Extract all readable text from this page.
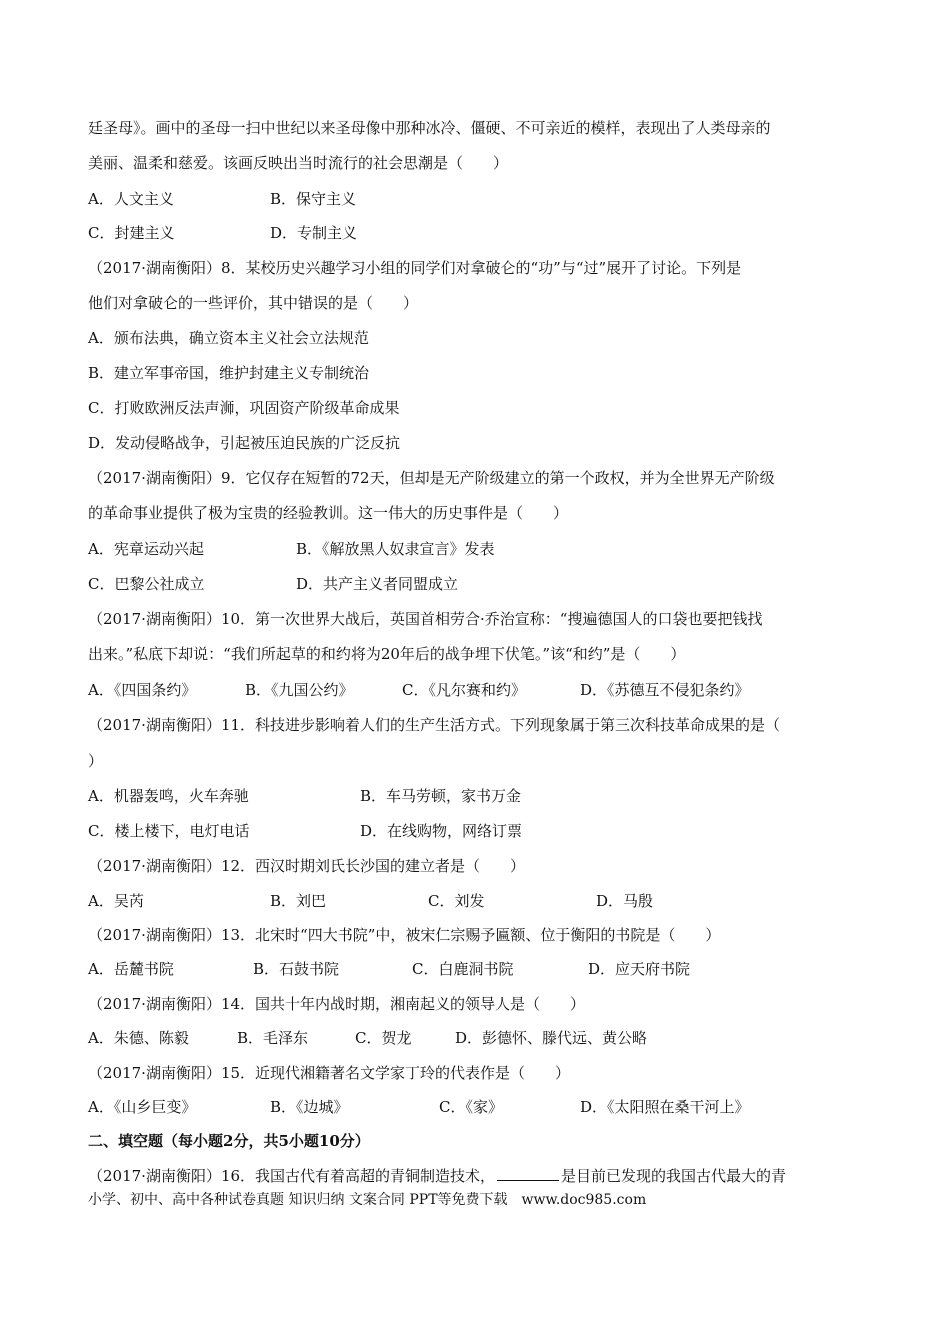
廷圣母》。画中的圣母一扫中世纪以来圣母像中那种冰冷、僵硬、不可亲近的模样，表现出了人类母亲的
美丽、温柔和慈爱。该画反映出当时流行的社会思潮是（　　）
A．人文主义	B．保守主义
C．封建主义	D．专制主义
（2017·湖南衡阳）8．某校历史兴趣学习小组的同学们对拿破仑的“功”与“过”展开了讨论。下列是
他们对拿破仑的一些评价，其中错误的是（　　）
A．颁布法典，确立资本主义社会立法规范
B．建立军事帝国，维护封建主义专制统治
C．打败欧洲反法声浉，巩固资产阶级革命成果
D．发动侵略战争，引起被压迫民族的广泛反抗
（2017·湖南衡阳）9．它仅存在短暂的72天，但却是无产阶级建立的第一个政权，并为全世界无产阶级
的革命事业提供了极为宝贵的经验教训。这一伟大的历史事件是（　　）
A．宪章运动兴起	B．《解放黑人奴隶宣言》发表
C．巴黎公社成立	D．共产主义者同盟成立
（2017·湖南衡阳）10．第一次世界大战后，英国首相劳合·乔治宣称：“搜遍德国人的口袋也要把钱找
出来。”私底下却说：“我们所起草的和约将为20年后的战争埋下伏笔。”该“和约”是（　　）
A．《四国条约》	B．《九国公约》	C．《凡尔赛和约》	D．《苏德互不侵犯条约》
（2017·湖南衡阳）11．科技进步影响着人们的生产生活方式。下列现象属于第三次科技革命成果的是（
）
A．机器轰鸣，火车奔驰	B．车马劳顿，家书万金
C．楼上楼下，电灯电话	D．在线购物，网络订票
（2017·湖南衡阳）12．西汉时期刘氏长沙国的建立者是（　　）
A．吴芮	B．刘巴	C．刘发	D．马殷
（2017·湖南衡阳）13．北宋时“四大书院”中，被宋仁宗赐予匾额、位于衡阳的书院是（　　）
A．岳麓书院	B．石鼓书院	C．白鹿洞书院	D．应天府书院
（2017·湖南衡阳）14．国共十年内战时期，湘南起义的领导人是（　　）
A．朱德、陈毅	B．毛泽东	C．贺龙	D．彭德怀、滕代远、黄公略
（2017·湖南衡阳）15．近现代湘籍著名文学家丁玲的代表作是（　　）
A．《山乡巨变》	B．《边城》	C．《家》	D．《太阳照在桑干河上》
二、填空题（每小题2分，共5小题10分）
（2017·湖南衡阳）16．我国古代有着高超的青铜制造技术，	是目前已发现的我国古代最大的青
小学、初中、高中各种试卷真题 知识归纳 文案合同 PPT等免费下载　www.doc985.com
